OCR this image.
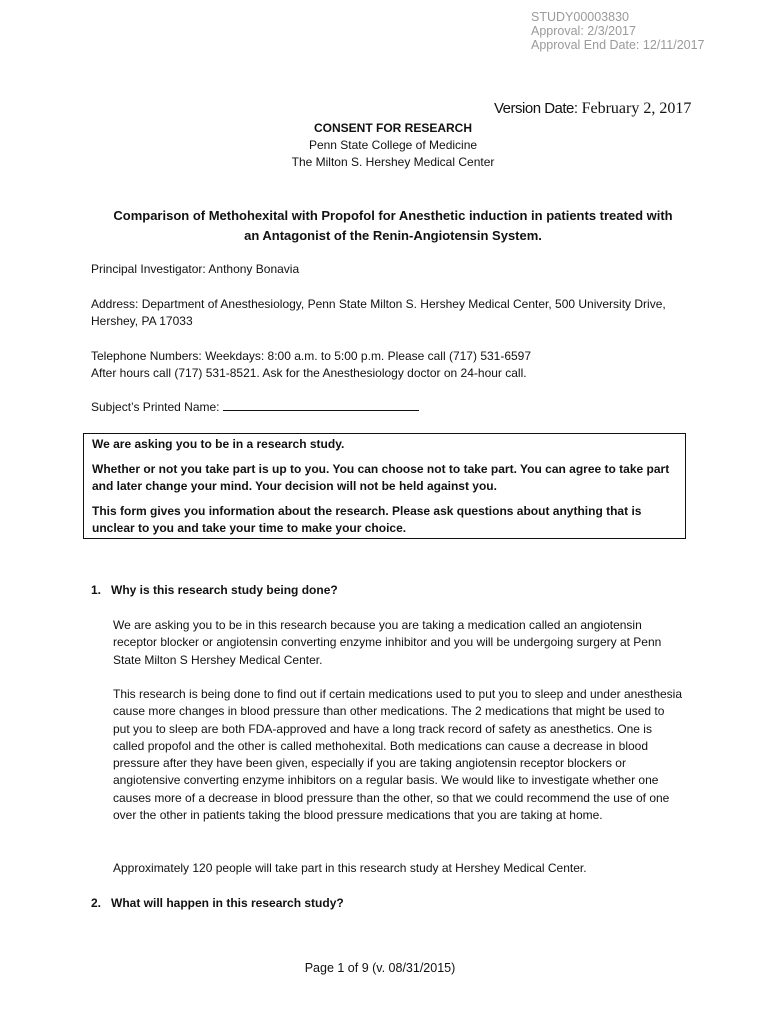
STUDY00003830
Approval: 2/3/2017
Approval End Date: 12/11/2017
Version Date: February 2, 2017
CONSENT FOR RESEARCH
Penn State College of Medicine
The Milton S. Hershey Medical Center
Comparison of Methohexital with Propofol for Anesthetic induction in patients treated with
an Antagonist of the Renin-Angiotensin System.
Principal Investigator: Anthony Bonavia
Address: Department of Anesthesiology, Penn State Milton S. Hershey Medical Center, 500 University Drive,
Hershey, PA 17033
Telephone Numbers: Weekdays: 8:00 a.m. to 5:00 p.m. Please call (717) 531-6597
After hours call (717) 531-8521. Ask for the Anesthesiology doctor on 24-hour call.
Subject’s Printed Name:

We are asking you to be in a research study.

Whether or not you take part is up to you. You can choose not to take part. You can agree to take part and later change your mind. Your decision will not be held against you.

This form gives you information about the research. Please ask questions about anything that is unclear to you and take your time to make your choice.

1. Why is this research study being done?
We are asking you to be in this research because you are taking a medication called an angiotensin receptor blocker or angiotensin converting enzyme inhibitor and you will be undergoing surgery at Penn State Milton S Hershey Medical Center.
This research is being done to find out if certain medications used to put you to sleep and under anesthesia cause more changes in blood pressure than other medications. The 2 medications that might be used to put you to sleep are both FDA-approved and have a long track record of safety as anesthetics. One is called propofol and the other is called methohexital. Both medications can cause a decrease in blood pressure after they have been given, especially if you are taking angiotensin receptor blockers or angiotensive converting enzyme inhibitors on a regular basis. We would like to investigate whether one causes more of a decrease in blood pressure than the other, so that we could recommend the use of one over the other in patients taking the blood pressure medications that you are taking at home.
Approximately 120 people will take part in this research study at Hershey Medical Center.
2. What will happen in this research study?
Page 1 of 9 (v. 08/31/2015)
